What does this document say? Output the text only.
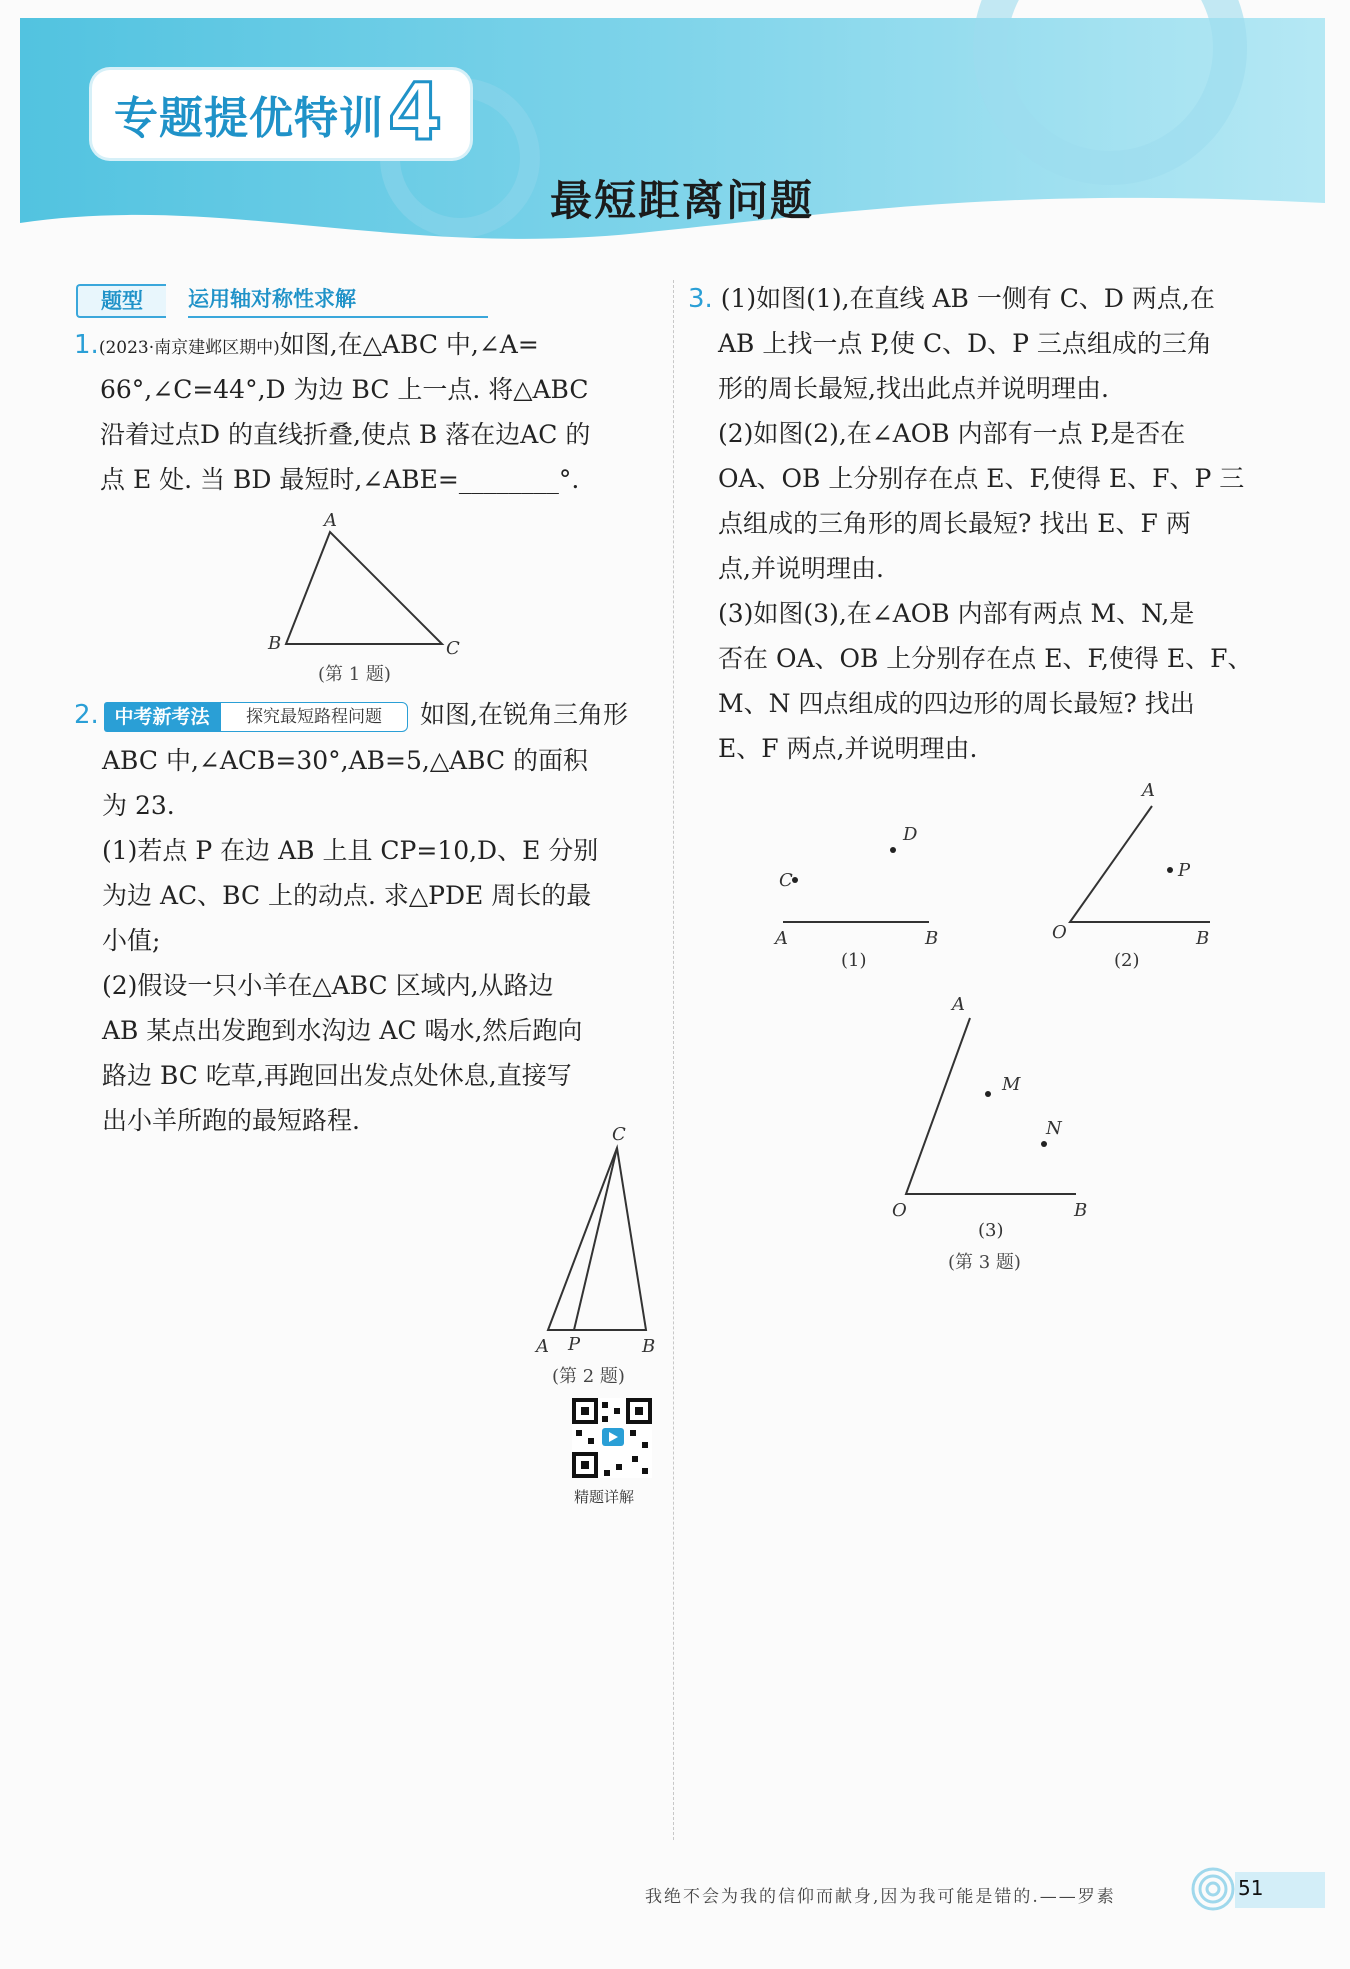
专题提优特训 4
最短距离问题
题型	运用轴对称性求解
1.(2023·南京建邺区期中)如图,在△ABC 中,∠A=
66°,∠C=44°,D 为边 BC 上一点. 将△ABC
沿着过点D 的直线折叠,使点 B 落在边AC 的
点 E 处. 当 BD 最短时,∠ABE=________°.
A
B	C
(第 1 题)
2. 中考新考法	探究最短路程问题	如图,在锐角三角形
ABC 中,∠ACB=30°,AB=5,△ABC 的面积
为 23.
(1)若点 P 在边 AB 上且 CP=10,D、E 分别
为边 AC、BC 上的动点. 求△PDE 周长的最
小值;
(2)假设一只小羊在△ABC 区域内,从路边
AB 某点出发跑到水沟边 AC 喝水,然后跑向
路边 BC 吃草,再跑回出发点处休息,直接写
出小羊所跑的最短路程.	C
A P	B
(第 2 题)
精题详解
3. (1)如图(1),在直线 AB 一侧有 C、D 两点,在
AB 上找一点 P,使 C、D、P 三点组成的三角
形的周长最短,找出此点并说明理由.
(2)如图(2),在∠AOB 内部有一点 P,是否在
OA、OB 上分别存在点 E、F,使得 E、F、P 三
点组成的三角形的周长最短? 找出 E、F 两
点,并说明理由.
(3)如图(3),在∠AOB 内部有两点 M、N,是
否在 OA、OB 上分别存在点 E、F,使得 E、F、
M、N 四点组成的四边形的周长最短? 找出
E、F 两点,并说明理由.
C
D
A	B
(1)
A
P
O	B
(2)
A
M
N
O	B
(3)
(第 3 题)
我绝不会为我的信仰而献身,因为我可能是错的.——罗素	51
